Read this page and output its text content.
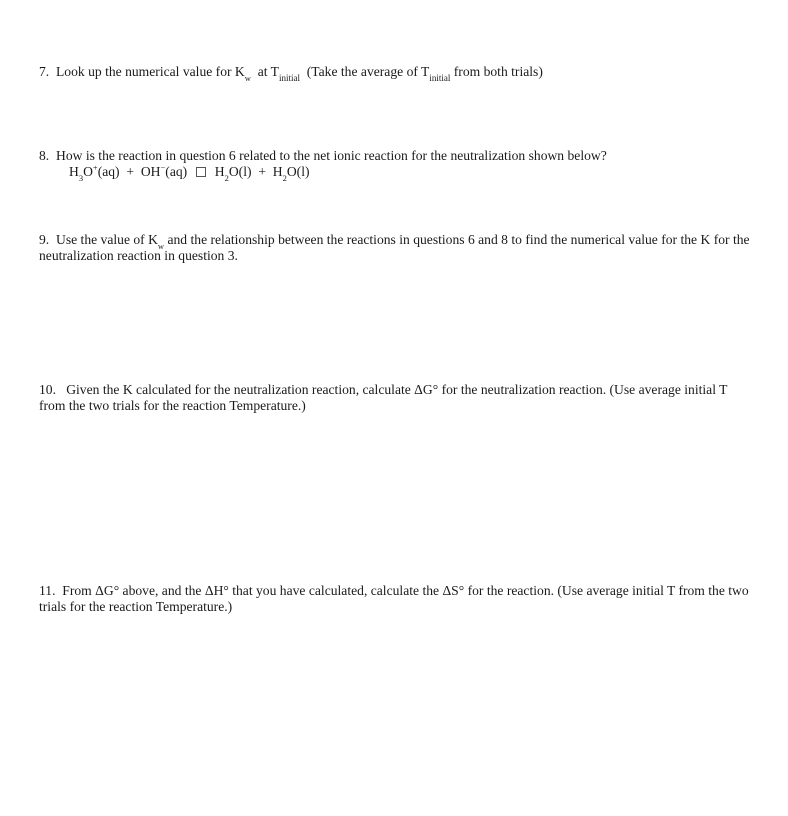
7. Look up the numerical value for $K_w$ at $T_{initial}$ (Take the average of $T_{initial}$ from both trials)
8. How is the reaction in question 6 related to the net ionic reaction for the neutralization shown below?
$H_3O^+(aq) + OH^-(aq) H_2O(l) + H_2O(l)$
9. Use the value of $K_w$ and the relationship between the reactions in questions 6 and 8 to find the numerical value for the K for the neutralization reaction in question 3.
10. Given the K calculated for the neutralization reaction, calculate ΔG° for the neutralization reaction. (Use average initial T from the two trials for the reaction Temperature.)
11. From ΔG° above, and the ΔH° that you have calculated, calculate the ΔS° for the reaction. (Use average initial T from the two trials for the reaction Temperature.)
